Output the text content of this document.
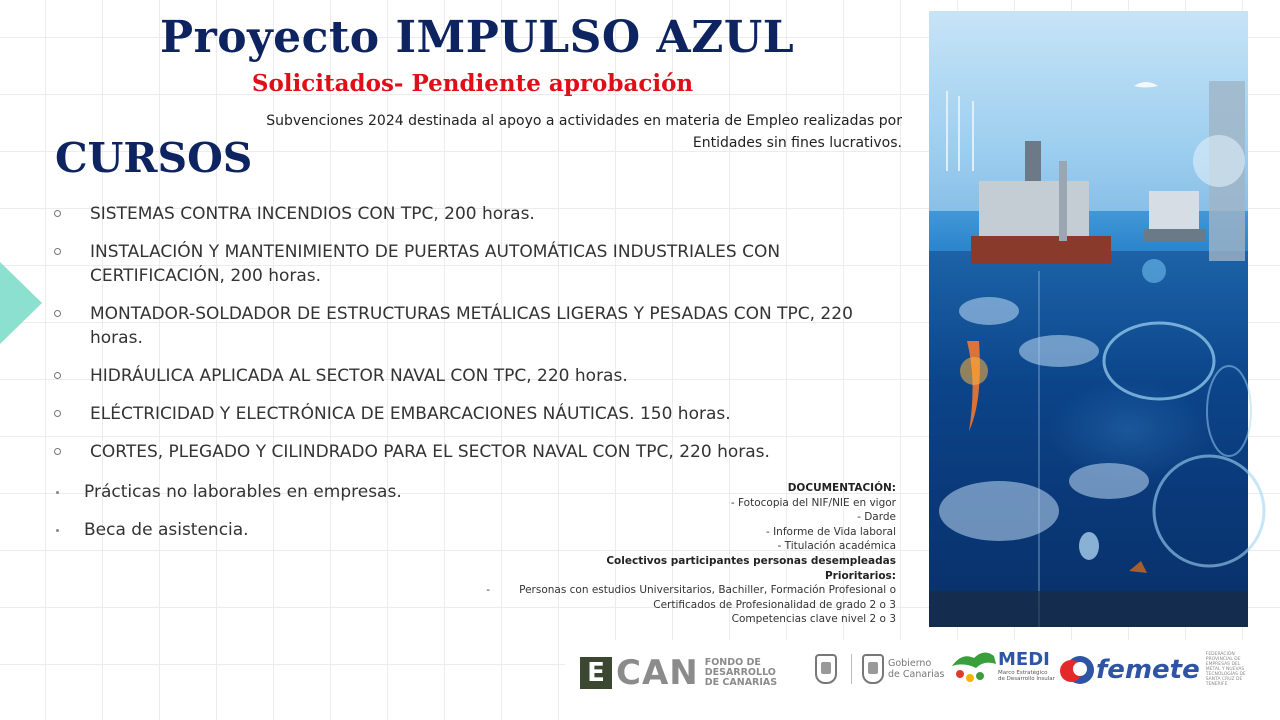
Proyecto IMPULSO AZUL
Solicitados- Pendiente aprobación
Subvenciones 2024 destinada al apoyo a actividades en materia de Empleo realizadas por
Entidades sin fines lucrativos.
CURSOS
SISTEMAS CONTRA INCENDIOS CON TPC, 200 horas.
INSTALACIÓN Y MANTENIMIENTO DE PUERTAS AUTOMÁTICAS INDUSTRIALES CON CERTIFICACIÓN, 200 horas.
MONTADOR-SOLDADOR DE ESTRUCTURAS METÁLICAS LIGERAS Y PESADAS CON TPC, 220 horas.
HIDRÁULICA APLICADA AL SECTOR NAVAL CON TPC, 220 horas.
ELÉCTRICIDAD Y ELECTRÓNICA DE EMBARCACIONES NÁUTICAS. 150 horas.
CORTES, PLEGADO Y CILINDRADO PARA EL SECTOR NAVAL CON TPC, 220 horas.
Prácticas no laborables en empresas.
Beca de asistencia.
DOCUMENTACIÓN:
- Fotocopia del NIF/NIE en vigor
- Darde
- Informe de Vida laboral
- Titulación académica
Colectivos participantes personas desempleadas
Prioritarios:
-	Personas con estudios Universitarios, Bachiller, Formación Profesional o Certificados de Profesionalidad de grado 2 o 3
Competencias clave nivel 2 o 3
E CAN FONDO DE
DESARROLLO
DE CANARIAS
Gobierno
de Canarias
MEDI
Marco Estratégico
de Desarrollo Insular femete FEDERACIÓN PROVINCIAL DE EMPRESAS DEL METAL Y NUEVAS TECNOLOGÍAS DE SANTA CRUZ DE TENERIFE
